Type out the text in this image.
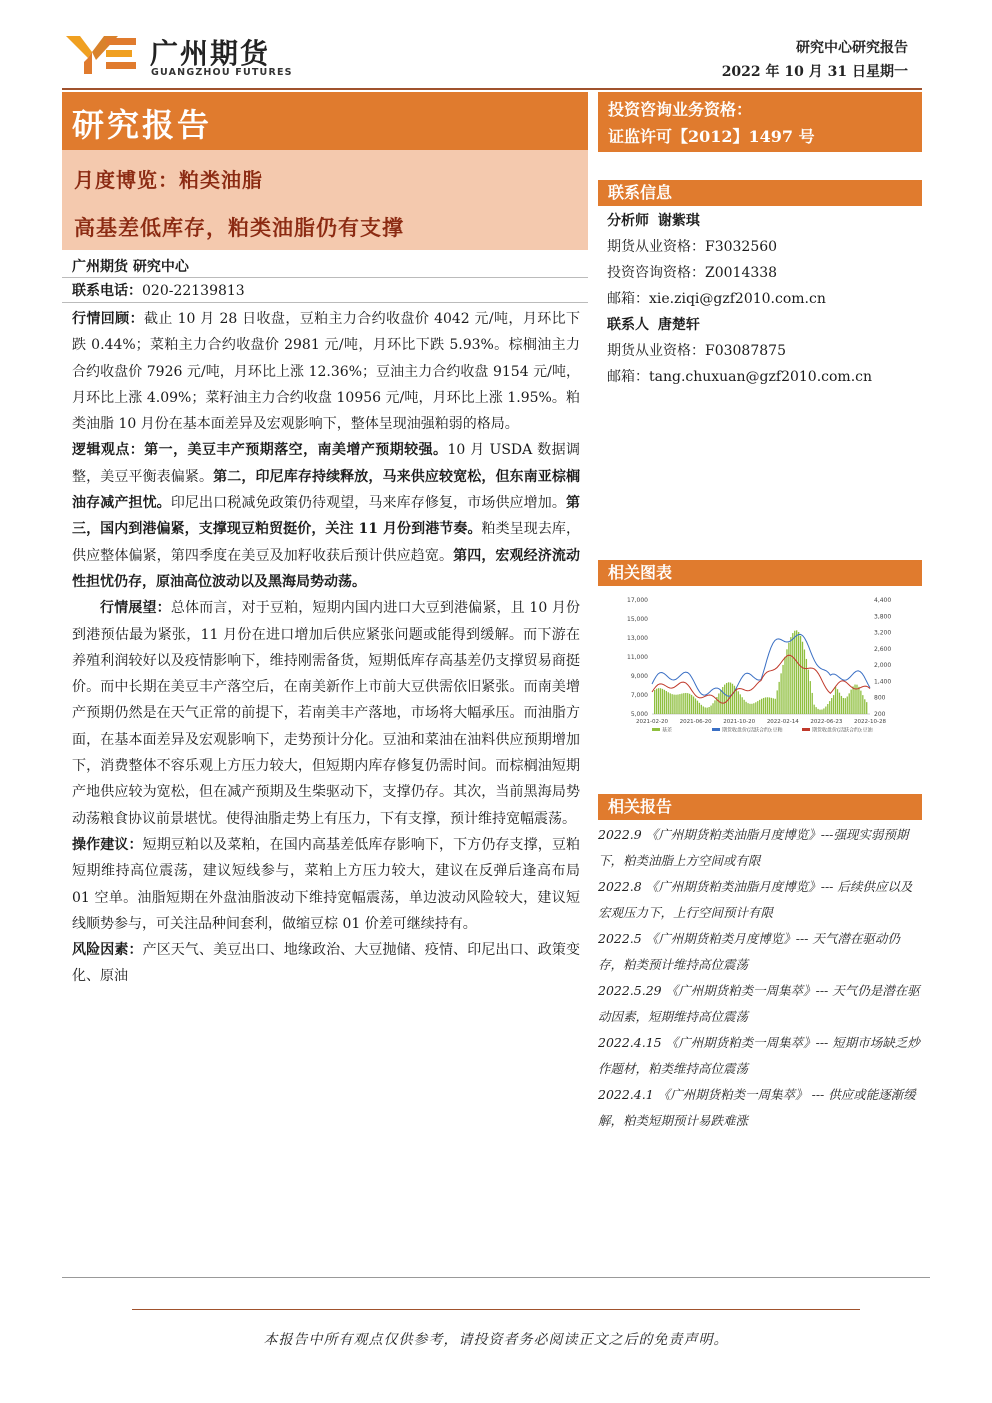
广州期货
GUANGZHOU FUTURES
研究中心研究报告
2022 年 10 月 31 日星期一
研究报告
月度博览：粕类油脂
高基差低库存，粕类油脂仍有支撑
广州期货 研究中心
联系电话：020-22139813

行情回顾：截止 10 月 28 日收盘，豆粕主力合约收盘价 4042 元/吨，月环比下跌 0.44%；菜粕主力合约收盘价 2981 元/吨，月环比下跌 5.93%。棕榈油主力合约收盘价 7926 元/吨，月环比上涨 12.36%；豆油主力合约收盘 9154 元/吨，月环比上涨 4.09%；菜籽油主力合约收盘 10956 元/吨，月环比上涨 1.95%。粕类油脂 10 月份在基本面差异及宏观影响下，整体呈现油强粕弱的格局。

逻辑观点：第一，美豆丰产预期落空，南美增产预期较强。10 月 USDA 数据调整，美豆平衡表偏紧。第二，印尼库存持续释放，马来供应较宽松，但东南亚棕榈油存减产担忧。印尼出口税减免政策仍待观望，马来库存修复，市场供应增加。第三，国内到港偏紧，支撑现豆粕贸挺价，关注 11 月份到港节奏。粕类呈现去库，供应整体偏紧，第四季度在美豆及加籽收获后预计供应趋宽。第四，宏观经济流动性担忧仍存，原油高位波动以及黑海局势动荡。

行情展望：总体而言，对于豆粕，短期内国内进口大豆到港偏紧，且 10 月份到港预估最为紧张，11 月份在进口增加后供应紧张问题或能得到缓解。而下游在养殖利润较好以及疫情影响下，维持刚需备货，短期低库存高基差仍支撑贸易商挺价。而中长期在美豆丰产落空后，在南美新作上市前大豆供需依旧紧张。而南美增产预期仍然是在天气正常的前提下，若南美丰产落地，市场将大幅承压。而油脂方面，在基本面差异及宏观影响下，走势预计分化。豆油和菜油在油料供应预期增加下，消费整体不容乐观上方压力较大，但短期内库存修复仍需时间。而棕榈油短期产地供应较为宽松，但在减产预期及生柴驱动下，支撑仍存。其次，当前黑海局势动荡粮食协议前景堪忧。使得油脂走势上有压力，下有支撑，预计维持宽幅震荡。

操作建议：短期豆粕以及菜粕，在国内高基差低库存影响下，下方仍存支撑，豆粕短期维持高位震荡，建议短线参与，菜粕上方压力较大，建议在反弹后逢高布局 01 空单。油脂短期在外盘油脂波动下维持宽幅震荡，单边波动风险较大，建议短线顺势参与，可关注品种间套利，做缩豆棕 01 价差可继续持有。

风险因素：产区天气、美豆出口、地缘政治、大豆抛储、疫情、印尼出口、政策变化、原油

投资咨询业务资格：
证监许可【2012】1497 号
联系信息
分析师 谢紫琪
期货从业资格：F3032560
投资咨询资格：Z0014338
邮箱：xie.ziqi@gzf2010.com.cn
联系人 唐楚轩
期货从业资格：F03087875
邮箱：tang.chuxuan@gzf2010.com.cn
相关图表
17,000
15,000
13,000
11,000
9,000
7,000
5,000
4,400
3,800
3,200
2,600
2,000
1,400
800
200
2021-02-20 2021-06-20 2021-10-20 2022-02-14 2022-06-23 2022-10-28
基差	期货收盘价(活跃合约):豆粕	期货收盘价(活跃合约):豆油
相关报告
2022.9 《广州期货粕类油脂月度博览》---强现实弱预期下，粕类油脂上方空间或有限
2022.8 《广州期货粕类油脂月度博览》--- 后续供应以及宏观压力下，上行空间预计有限
2022.5 《广州期货粕类月度博览》--- 天气潜在驱动仍存，粕类预计维持高位震荡
2022.5.29 《广州期货粕类一周集萃》--- 天气仍是潜在驱动因素，短期维持高位震荡
2022.4.15 《广州期货粕类一周集萃》--- 短期市场缺乏炒作题材，粕类维持高位震荡
2022.4.1 《广州期货粕类一周集萃》 --- 供应或能逐渐缓解，粕类短期预计易跌难涨
本报告中所有观点仅供参考，请投资者务必阅读正文之后的免责声明。
